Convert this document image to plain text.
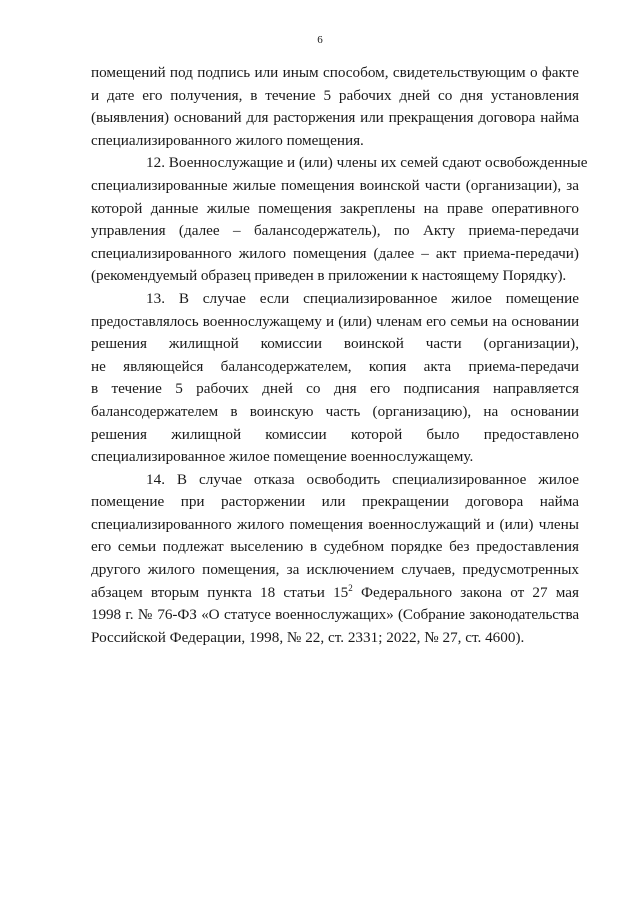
6
помещений под подпись или иным способом, свидетельствующим о факте
и дате его получения, в течение 5 рабочих дней со дня установления
(выявления) оснований для расторжения или прекращения договора найма
специализированного жилого помещения.
12. Военнослужащие и (или) члены их семей сдают освобожденные
специализированные жилые помещения воинской части (организации), за
которой данные жилые помещения закреплены на праве оперативного
управления (далее – балансодержатель), по Акту приема-передачи
специализированного жилого помещения (далее – акт приема-передачи)
(рекомендуемый образец приведен в приложении к настоящему Порядку).
13. В случае если специализированное жилое помещение
предоставлялось военнослужащему и (или) членам его семьи на основании
решения жилищной комиссии воинской части (организации),
не являющейся балансодержателем, копия акта приема-передачи
в течение 5 рабочих дней со дня его подписания направляется
балансодержателем в воинскую часть (организацию), на основании
решения жилищной комиссии которой было предоставлено
специализированное жилое помещение военнослужащему.
14. В случае отказа освободить специализированное жилое
помещение при расторжении или прекращении договора найма
специализированного жилого помещения военнослужащий и (или) члены
его семьи подлежат выселению в судебном порядке без предоставления
другого жилого помещения, за исключением случаев, предусмотренных
абзацем вторым пункта 18 статьи $15^2$ Федерального закона от 27 мая
1998 г. № 76-ФЗ «О статусе военнослужащих» (Собрание законодательства
Российской Федерации, 1998, № 22, ст. 2331; 2022, № 27, ст. 4600).
